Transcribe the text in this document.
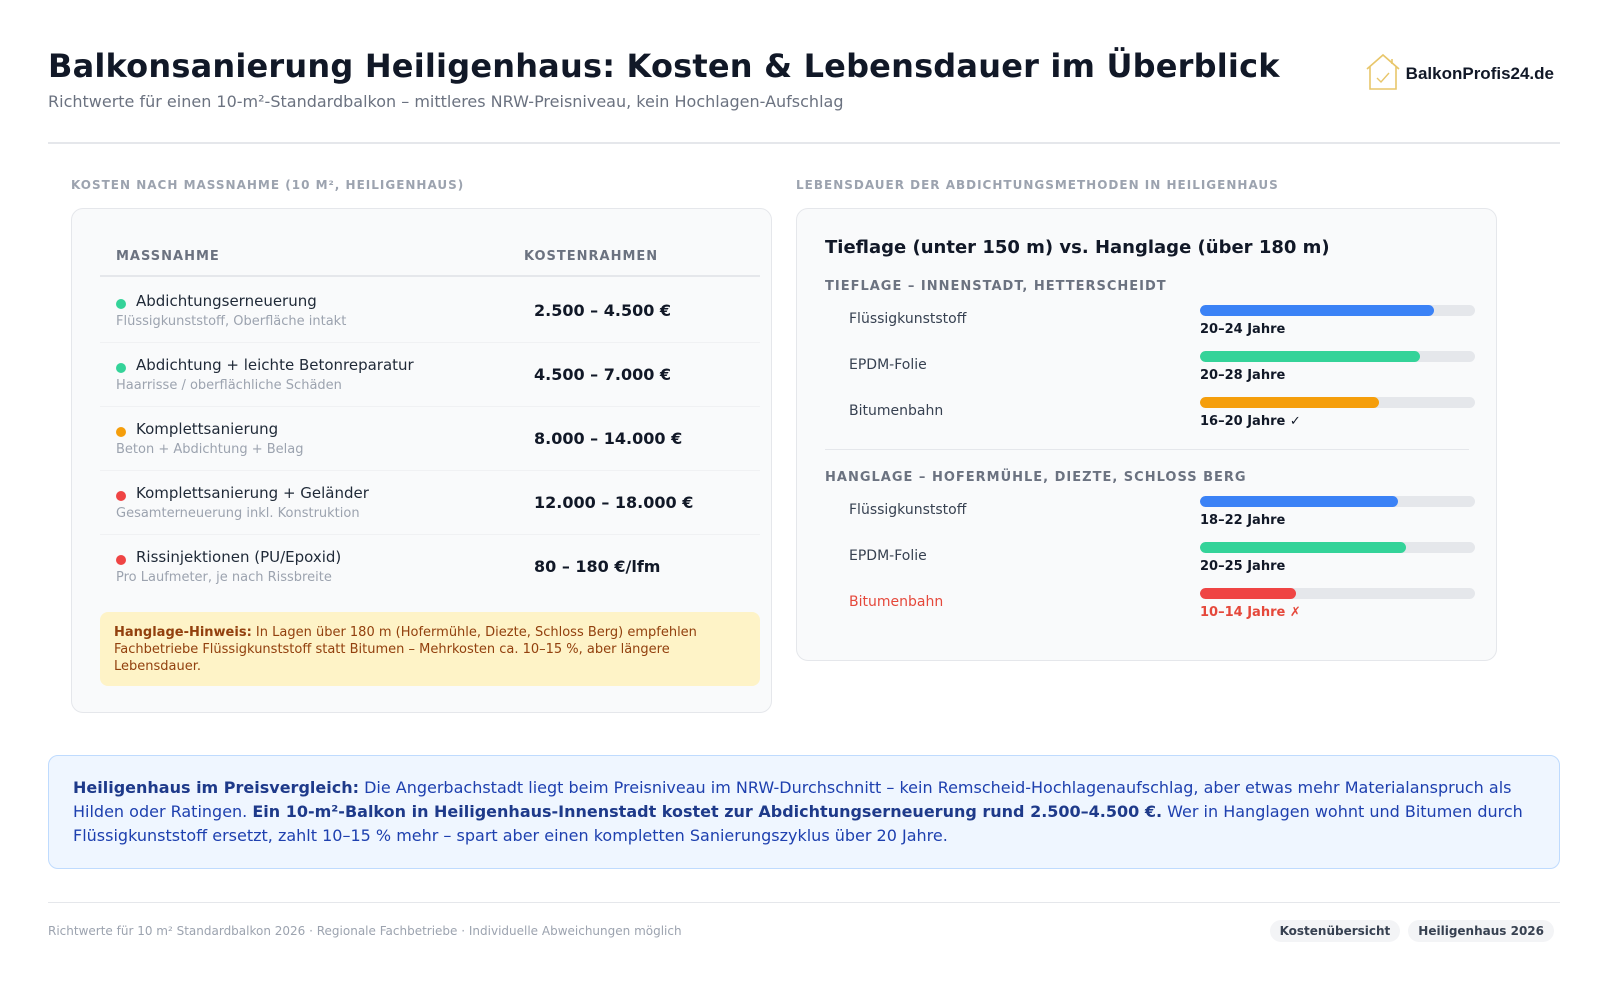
Balkonsanierung Heiligenhaus: Kosten & Lebensdauer im Überblick
Richtwerte für einen 10-m²-Standardbalkon – mittleres NRW-Preisniveau, kein Hochlagen-Aufschlag
BalkonProfis24.de
KOSTEN NACH MASSNAHME (10 M², HEILIGENHAUS)
MASSNAHME	KOSTENRAHMEN
Abdichtungserneuerung
Flüssigkunststoff, Oberfläche intakt
2.500 – 4.500 €
Abdichtung + leichte Betonreparatur
Haarrisse / oberflächliche Schäden
4.500 – 7.000 €
Komplettsanierung
Beton + Abdichtung + Belag
8.000 – 14.000 €
Komplettsanierung + Geländer
Gesamterneuerung inkl. Konstruktion
12.000 – 18.000 €
Rissinjektionen (PU/Epoxid)
Pro Laufmeter, je nach Rissbreite
80 – 180 €/lfm
Hanglage-Hinweis: In Lagen über 180 m (Hofermühle, Diezte, Schloss Berg) empfehlen Fachbetriebe Flüssigkunststoff statt Bitumen – Mehrkosten ca. 10–15 %, aber längere Lebensdauer.
LEBENSDAUER DER ABDICHTUNGSMETHODEN IN HEILIGENHAUS
Tieflage (unter 150 m) vs. Hanglage (über 180 m)
TIEFLAGE – INNENSTADT, HETTERSCHEIDT
Flüssigkunststoff
20–24 Jahre
EPDM-Folie
20–28 Jahre
Bitumenbahn
16–20 Jahre ✓
HANGLAGE – HOFERMÜHLE, DIEZTE, SCHLOSS BERG
Flüssigkunststoff
18–22 Jahre
EPDM-Folie
20–25 Jahre
Bitumenbahn
10–14 Jahre ✗
Heiligenhaus im Preisvergleich: Die Angerbachstadt liegt beim Preisniveau im NRW-Durchschnitt – kein Remscheid-Hochlagenaufschlag, aber etwas mehr Materialanspruch als Hilden oder Ratingen. Ein 10-m²-Balkon in Heiligenhaus-Innenstadt kostet zur Abdichtungserneuerung rund 2.500–4.500 €. Wer in Hanglagen wohnt und Bitumen durch Flüssigkunststoff ersetzt, zahlt 10–15 % mehr – spart aber einen kompletten Sanierungszyklus über 20 Jahre.
Richtwerte für 10 m² Standardbalkon 2026 · Regionale Fachbetriebe · Individuelle Abweichungen möglich	Kostenübersicht	Heiligenhaus 2026
